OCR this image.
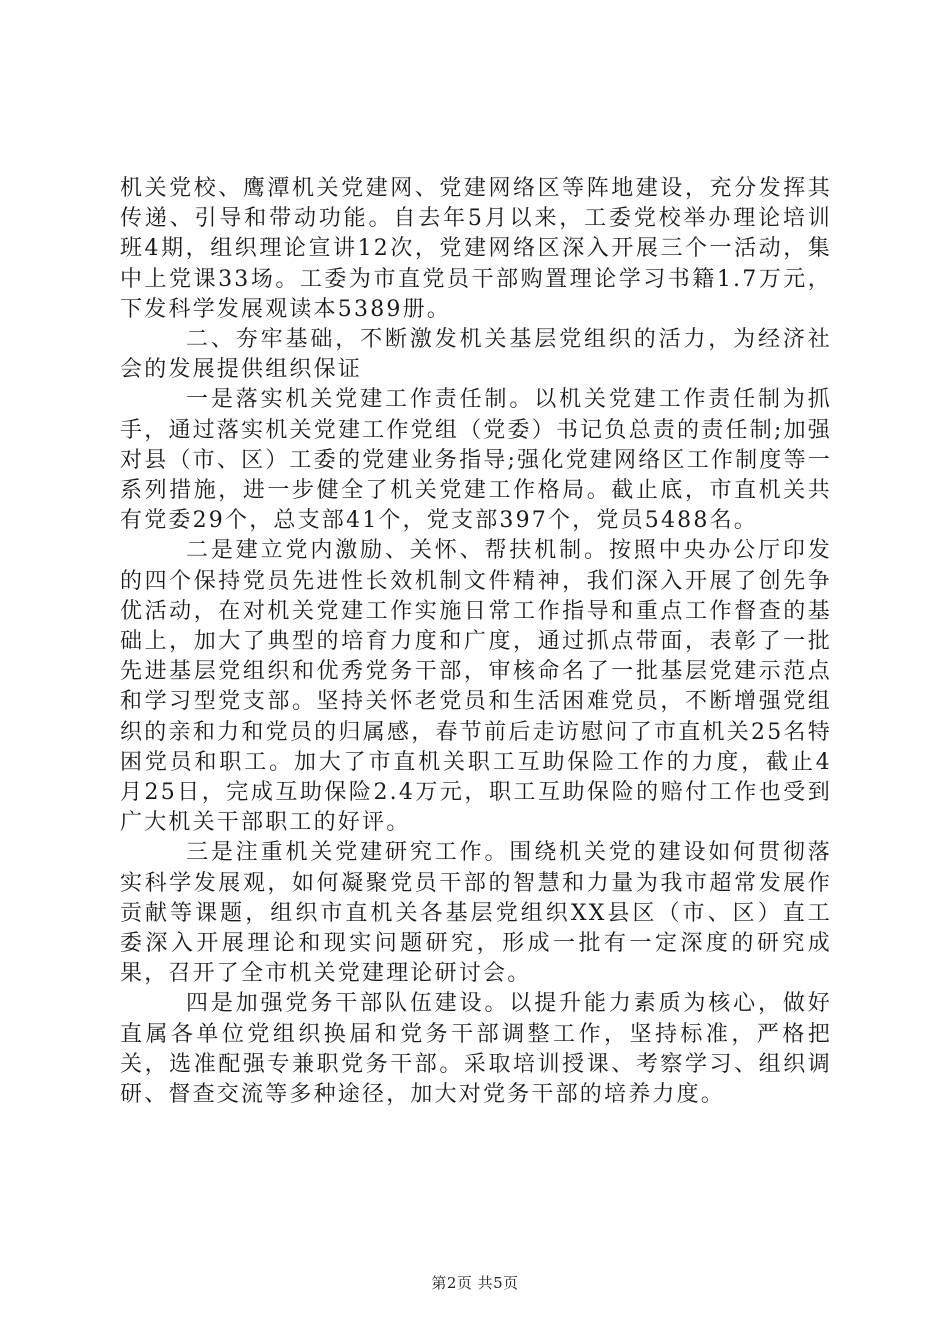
机关党校、鹰潭机关党建网、党建网络区等阵地建设，充分发挥其传递、引导和带动功能。自去年5月以来，工委党校举办理论培训班4期，组织理论宣讲12次，党建网络区深入开展三个一活动，集中上党课33场。工委为市直党员干部购置理论学习书籍1.7万元，下发科学发展观读本5389册。

二、夯牢基础，不断激发机关基层党组织的活力，为经济社会的发展提供组织保证

一是落实机关党建工作责任制。以机关党建工作责任制为抓手，通过落实机关党建工作党组（党委）书记负总责的责任制;加强对县（市、区）工委的党建业务指导;强化党建网络区工作制度等一系列措施，进一步健全了机关党建工作格局。截止底，市直机关共有党委29个，总支部41个，党支部397个，党员5488名。

二是建立党内激励、关怀、帮扶机制。按照中央办公厅印发的四个保持党员先进性长效机制文件精神，我们深入开展了创先争优活动，在对机关党建工作实施日常工作指导和重点工作督查的基础上，加大了典型的培育力度和广度，通过抓点带面，表彰了一批先进基层党组织和优秀党务干部，审核命名了一批基层党建示范点和学习型党支部。坚持关怀老党员和生活困难党员，不断增强党组织的亲和力和党员的归属感，春节前后走访慰问了市直机关25名特困党员和职工。加大了市直机关职工互助保险工作的力度，截止4月25日，完成互助保险2.4万元，职工互助保险的赔付工作也受到广大机关干部职工的好评。

三是注重机关党建研究工作。围绕机关党的建设如何贯彻落实科学发展观，如何凝聚党员干部的智慧和力量为我市超常发展作贡献等课题，组织市直机关各基层党组织XX县区（市、区）直工委深入开展理论和现实问题研究，形成一批有一定深度的研究成果，召开了全市机关党建理论研讨会。

四是加强党务干部队伍建设。以提升能力素质为核心，做好直属各单位党组织换届和党务干部调整工作，坚持标准，严格把关，选准配强专兼职党务干部。采取培训授课、考察学习、组织调研、督查交流等多种途径，加大对党务干部的培养力度。

第2页 共5页
